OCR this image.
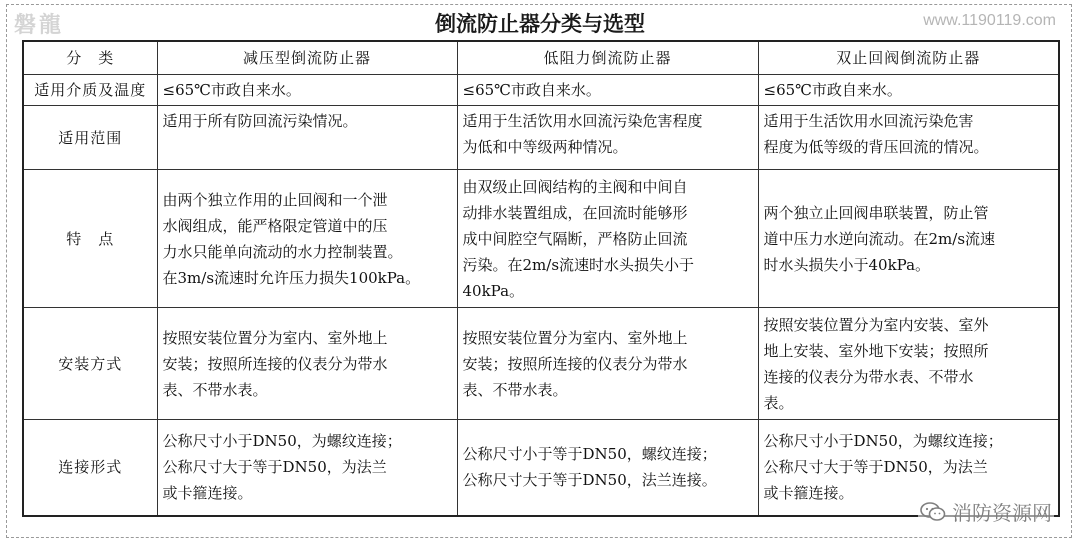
磐龍	倒流防止器分类与选型	www.1190119.com
分　类	减压型倒流防止器	低阻力倒流防止器	双止回阀倒流防止器
适用介质及温度	≤65℃市政自来水。	≤65℃市政自来水。	≤65℃市政自来水。

适用范围	适用于所有防回流污染情况。	适用于生活饮用水回流污染危害程度
为低和中等级两种情况。	适用于生活饮用水回流污染危害
程度为低等级的背压回流的情况。

特　点	由两个独立作用的止回阀和一个泄
水阀组成，能严格限定管道中的压
力水只能单向流动的水力控制装置。
在3m/s流速时允许压力损失100kPa。	由双级止回阀结构的主阀和中间自
动排水装置组成，在回流时能够形
成中间腔空气隔断，严格防止回流
污染。在2m/s流速时水头损失小于
40kPa。	两个独立止回阀串联装置，防止管
道中压力水逆向流动。在2m/s流速
时水头损失小于40kPa。

安装方式	按照安装位置分为室内、室外地上
安装；按照所连接的仪表分为带水
表、不带水表。	按照安装位置分为室内、室外地上
安装；按照所连接的仪表分为带水
表、不带水表。	按照安装位置分为室内安装、室外
地上安装、室外地下安装；按照所
连接的仪表分为带水表、不带水
表。

连接形式	公称尺寸小于DN50，为螺纹连接；
公称尺寸大于等于DN50，为法兰
或卡箍连接。	公称尺寸小于等于DN50，螺纹连接；
公称尺寸大于等于DN50，法兰连接。	公称尺寸小于DN50，为螺纹连接；
公称尺寸大于等于DN50，为法兰
或卡箍连接。
消防资源网
